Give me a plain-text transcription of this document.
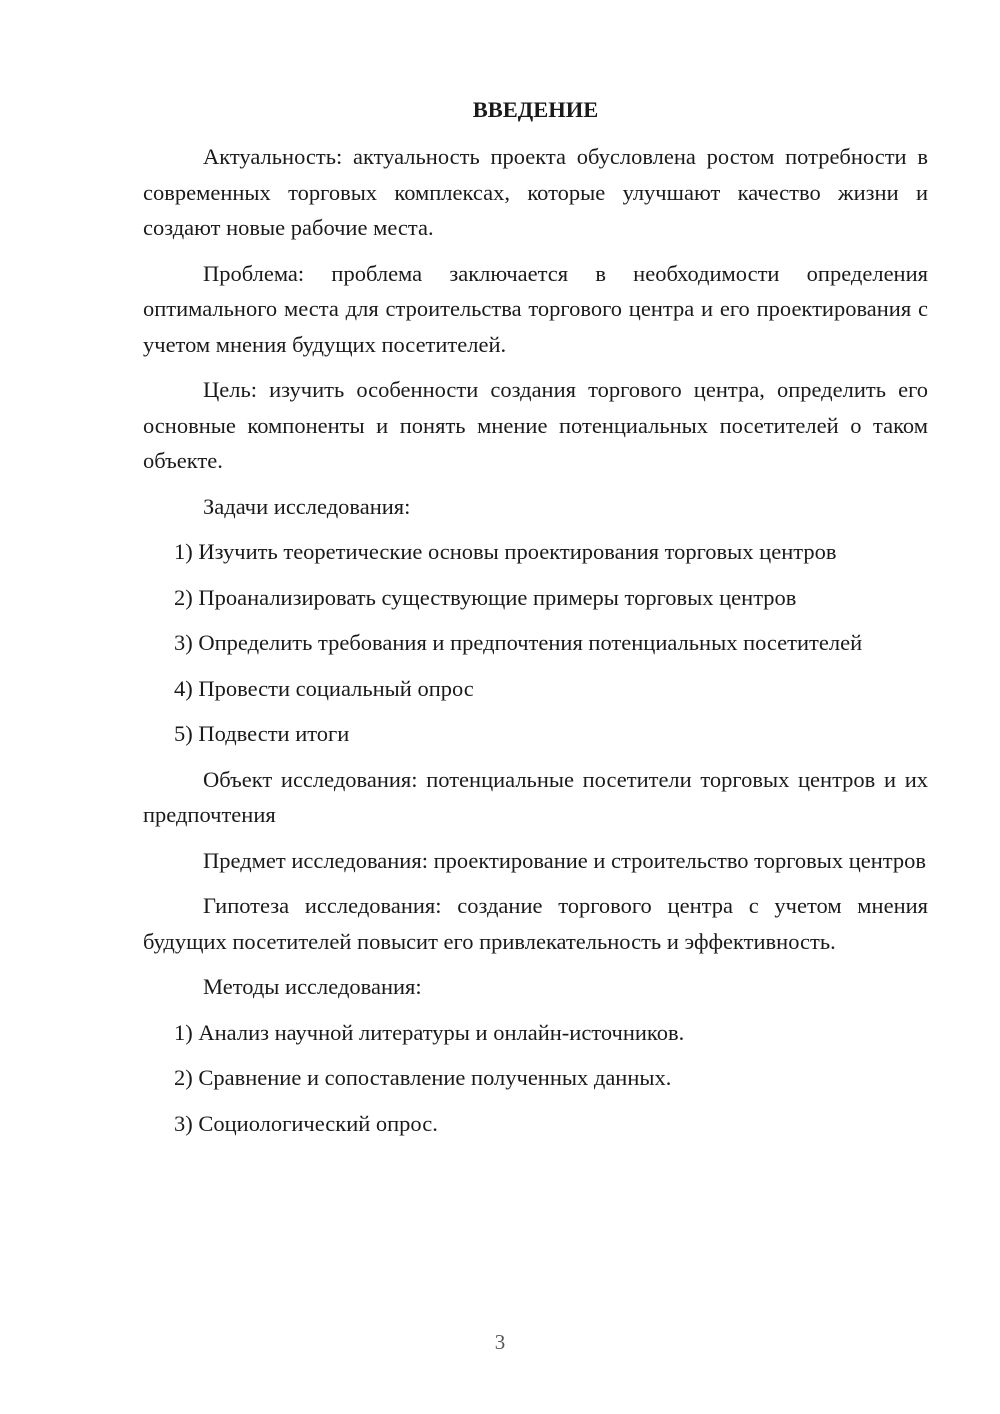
ВВЕДЕНИЕ

Актуальность: актуальность проекта обусловлена ростом потребности в современных торговых комплексах, которые улучшают качество жизни и создают новые рабочие места.

Проблема: проблема заключается в необходимости определения оптимального места для строительства торгового центра и его проектирования с учетом мнения будущих посетителей.

Цель: изучить особенности создания торгового центра, определить его основные компоненты и понять мнение потенциальных посетителей о таком объекте.

Задачи исследования:

1) Изучить теоретические основы проектирования торговых центров

2) Проанализировать существующие примеры торговых центров

3) Определить требования и предпочтения потенциальных посетителей

4) Провести социальный опрос

5) Подвести итоги

Объект исследования: потенциальные посетители торговых центров и их предпочтения

Предмет исследования: проектирование и строительство торговых центров

Гипотеза исследования: создание торгового центра с учетом мнения будущих посетителей повысит его привлекательность и эффективность.

Методы исследования:

1) Анализ научной литературы и онлайн-источников.

2) Сравнение и сопоставление полученных данных.

3) Социологический опрос.

3
